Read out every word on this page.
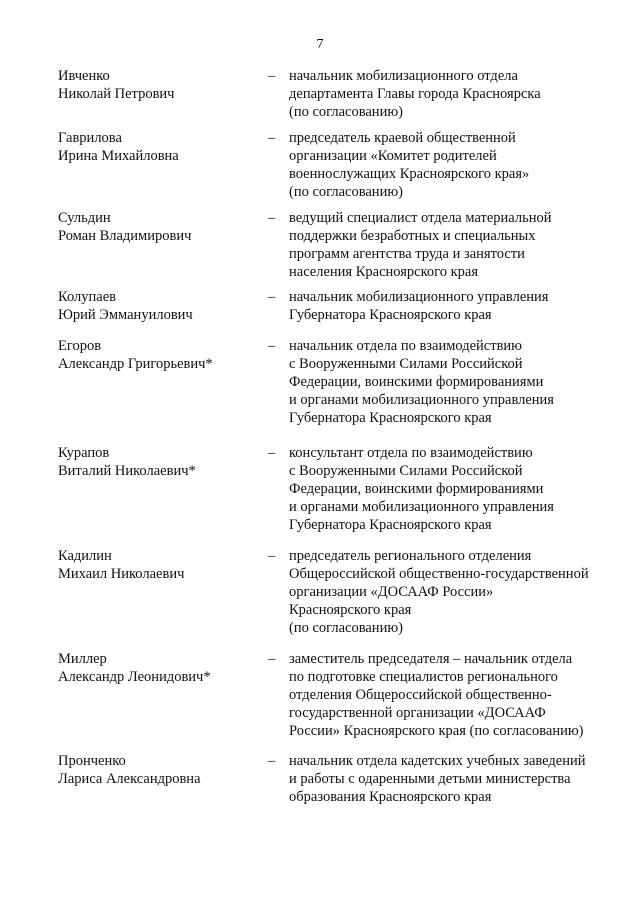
7
Ивченко
Николай Петрович
– начальник мобилизационного отдела
департамента Главы города Красноярска
(по согласованию)
Гаврилова
Ирина Михайловна
– председатель краевой общественной
организации «Комитет родителей
военнослужащих Красноярского края»
(по согласованию)
Сульдин
Роман Владимирович
– ведущий специалист отдела материальной
поддержки безработных и специальных
программ агентства труда и занятости
населения Красноярского края
Колупаев
Юрий Эммануилович
– начальник мобилизационного управления
Губернатора Красноярского края
Егоров
Александр Григорьевич*
– начальник отдела по взаимодействию
с Вооруженными Силами Российской
Федерации, воинскими формированиями
и органами мобилизационного управления
Губернатора Красноярского края
Курапов
Виталий Николаевич*
– консультант отдела по взаимодействию
с Вооруженными Силами Российской
Федерации, воинскими формированиями
и органами мобилизационного управления
Губернатора Красноярского края
Кадилин
Михаил Николаевич
– председатель регионального отделения
Общероссийской общественно-государственной
организации «ДОСААФ России»
Красноярского края
(по согласованию)
Миллер
Александр Леонидович*
– заместитель председателя – начальник отдела
по подготовке специалистов регионального
отделения Общероссийской общественно-
государственной организации «ДОСААФ
России» Красноярского края (по согласованию)
Пронченко
Лариса Александровна
– начальник отдела кадетских учебных заведений
и работы с одаренными детьми министерства
образования Красноярского края
